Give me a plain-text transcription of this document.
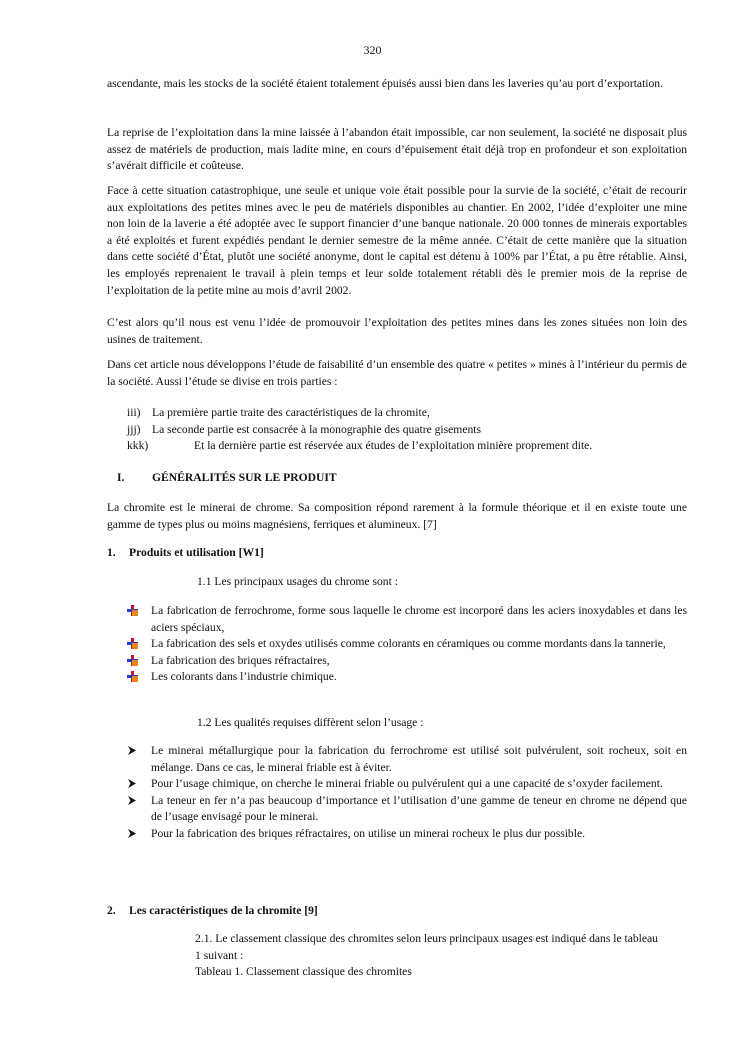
320

ascendante, mais les stocks de la société étaient totalement épuisés aussi bien dans les laveries qu’au port d’exportation.

La reprise de l’exploitation dans la mine laissée à l’abandon était impossible, car non seulement, la société ne disposait plus assez de matériels de production, mais ladite mine, en cours d’épuisement était déjà trop en profondeur et son exploitation s’avérait difficile et coûteuse.

Face à cette situation catastrophique, une seule et unique voie était possible pour la survie de la société, c’était de recourir aux exploitations des petites mines avec le peu de matériels disponibles au chantier. En 2002, l’idée d’exploiter une mine non loin de la laverie a été adoptée avec le support financier d’une banque nationale. 20 000 tonnes de minerais exportables a été exploités et furent expédiés pendant le dernier semestre de la même année. C’était de cette manière que la situation dans cette société d’État, plutôt une société anonyme, dont le capital est détenu à 100% par l’État, a pu être rétablie. Ainsi, les employés reprenaient le travail à plein temps et leur solde totalement rétabli dès le premier mois de la reprise de l’exploitation de la petite mine au mois d’avril 2002.

C’est alors qu’il nous est venu l’idée de promouvoir l’exploitation des petites mines dans les zones situées non loin des usines de traitement.

Dans cet article nous développons l’étude de faisabilité d’un ensemble des quatre « petites » mines à l’intérieur du permis de la société. Aussi l’étude se divise en trois parties :

iii) La première partie traite des caractéristiques de la chromite,
jjj) La seconde partie est consacrée à la monographie des quatre gisements
kkk)	Et la dernière partie est réservée aux études de l’exploitation minière proprement dite.
I.	GÉNÉRALITÉS SUR LE PRODUIT

La chromite est le minerai de chrome. Sa composition répond rarement à la formule théorique et il en existe toute une gamme de types plus ou moins magnésiens, ferriques et alumineux. [7]

1.	Produits et utilisation [W1]
1.1 Les principaux usages du chrome sont :
La fabrication de ferrochrome, forme sous laquelle le chrome est incorporé dans les aciers inoxydables et dans les aciers spéciaux,
La fabrication des sels et oxydes utilisés comme colorants en céramiques ou comme mordants dans la tannerie,
La fabrication des briques réfractaires,
Les colorants dans l’industrie chimique.
1.2 Les qualités requises diffèrent selon l’usage :
Le minerai métallurgique pour la fabrication du ferrochrome est utilisé soit pulvérulent, soit rocheux, soit en mélange. Dans ce cas, le minerai friable est à éviter.
Pour l’usage chimique, on cherche le minerai friable ou pulvérulent qui a une capacité de s’oxyder facilement.
La teneur en fer n’a pas beaucoup d’importance et l’utilisation d’une gamme de teneur en chrome ne dépend que de l’usage envisagé pour le minerai.
Pour la fabrication des briques réfractaires, on utilise un minerai rocheux le plus dur possible.
2.	Les caractéristiques de la chromite [9]
2.1. Le classement classique des chromites selon leurs principaux usages est indiqué dans le tableau 1 suivant :
Tableau 1. Classement classique des chromites
